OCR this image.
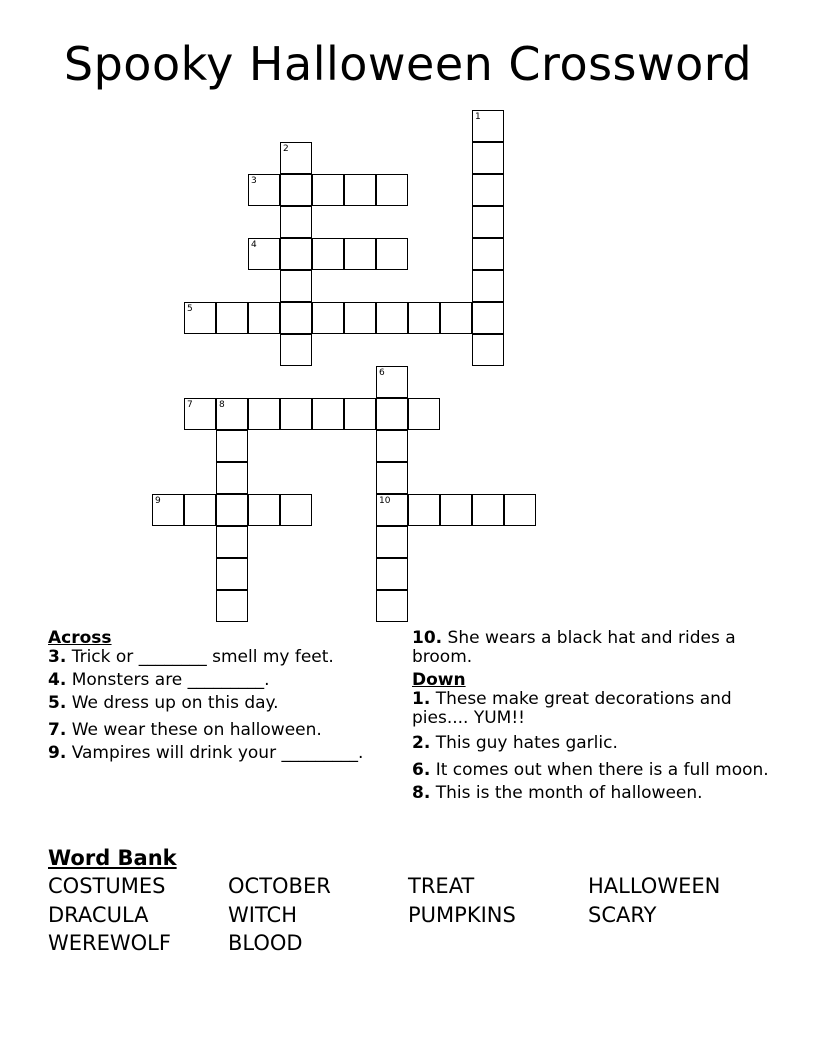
Spooky Halloween Crossword
1
2
3
4
5
6
10
7	8
9
Across
3. Trick or ________ smell my feet.
4. Monsters are _________.
5. We dress up on this day.
7. We wear these on halloween.
9. Vampires will drink your _________.
10. She wears a black hat and rides a broom.
Down
1. These make great decorations and pies.... YUM!!
2. This guy hates garlic.
6. It comes out when there is a full moon.
8. This is the month of halloween.
Word Bank
COSTUMES	OCTOBER	TREAT	HALLOWEEN
DRACULA	WITCH	PUMPKINS	SCARY
WEREWOLF	BLOOD
